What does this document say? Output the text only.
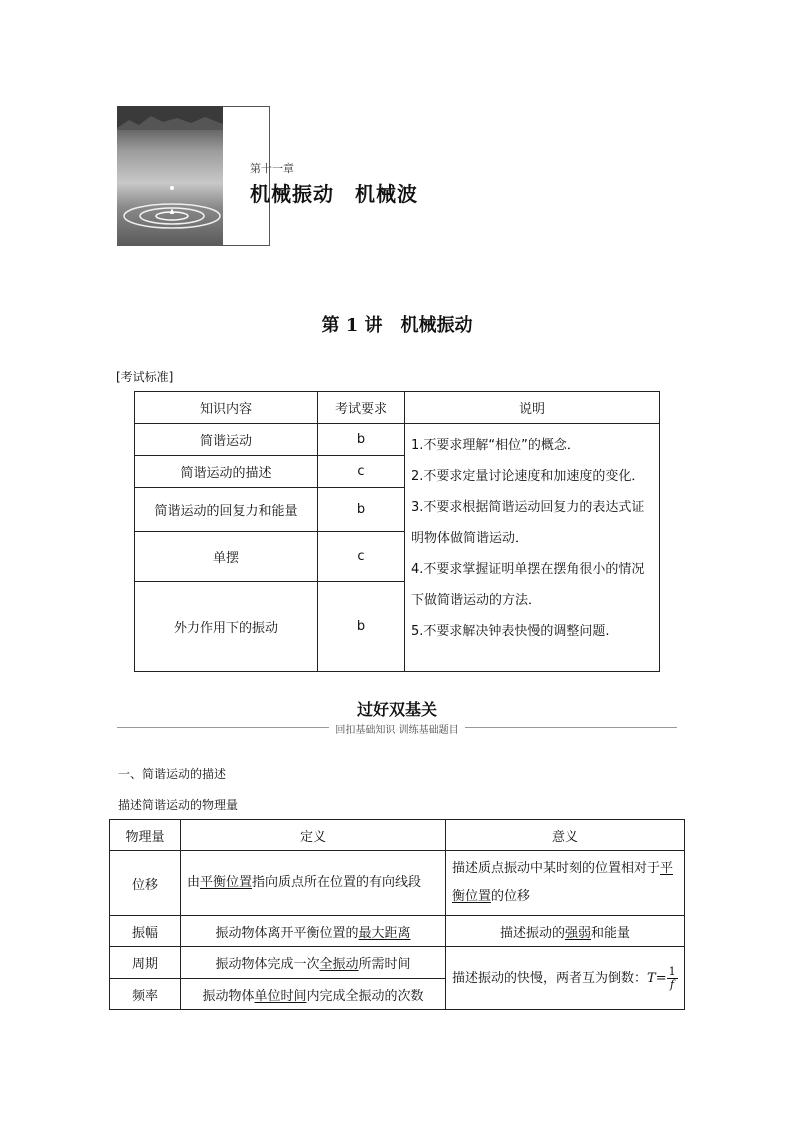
第十一章
机械振动　机械波
第 1 讲　机械振动
[考试标准]
知识内容	考试要求	说明
简谐运动	b	1.不要求理解“相位”的概念．
2.不要求定量讨论速度和加速度的变化．
3.不要求根据简谐运动回复力的表达式证明物体做简谐运动．
4.不要求掌握证明单摆在摆角很小的情况下做简谐运动的方法．
5.不要求解决钟表快慢的调整问题.

简谐运动的描述	c	
简谐运动的回复力和能量	b	
单摆	c	
外力作用下的振动	b	
过好双基关
回扣基础知识 训练基础题目
一、简谐运动的描述
描述简谐运动的物理量
物理量	定义	意义
位移	由平衡位置指向质点所在位置的有向线段	描述质点振动中某时刻的位置相对于平衡位置的位移
振幅	振动物体离开平衡位置的最大距离	描述振动的强弱和能量
周期	振动物体完成一次全振动所需时间	描述振动的快慢，两者互为倒数：$T= \frac{1}{f}$

频率	振动物体单位时间内完成全振动的次数	
